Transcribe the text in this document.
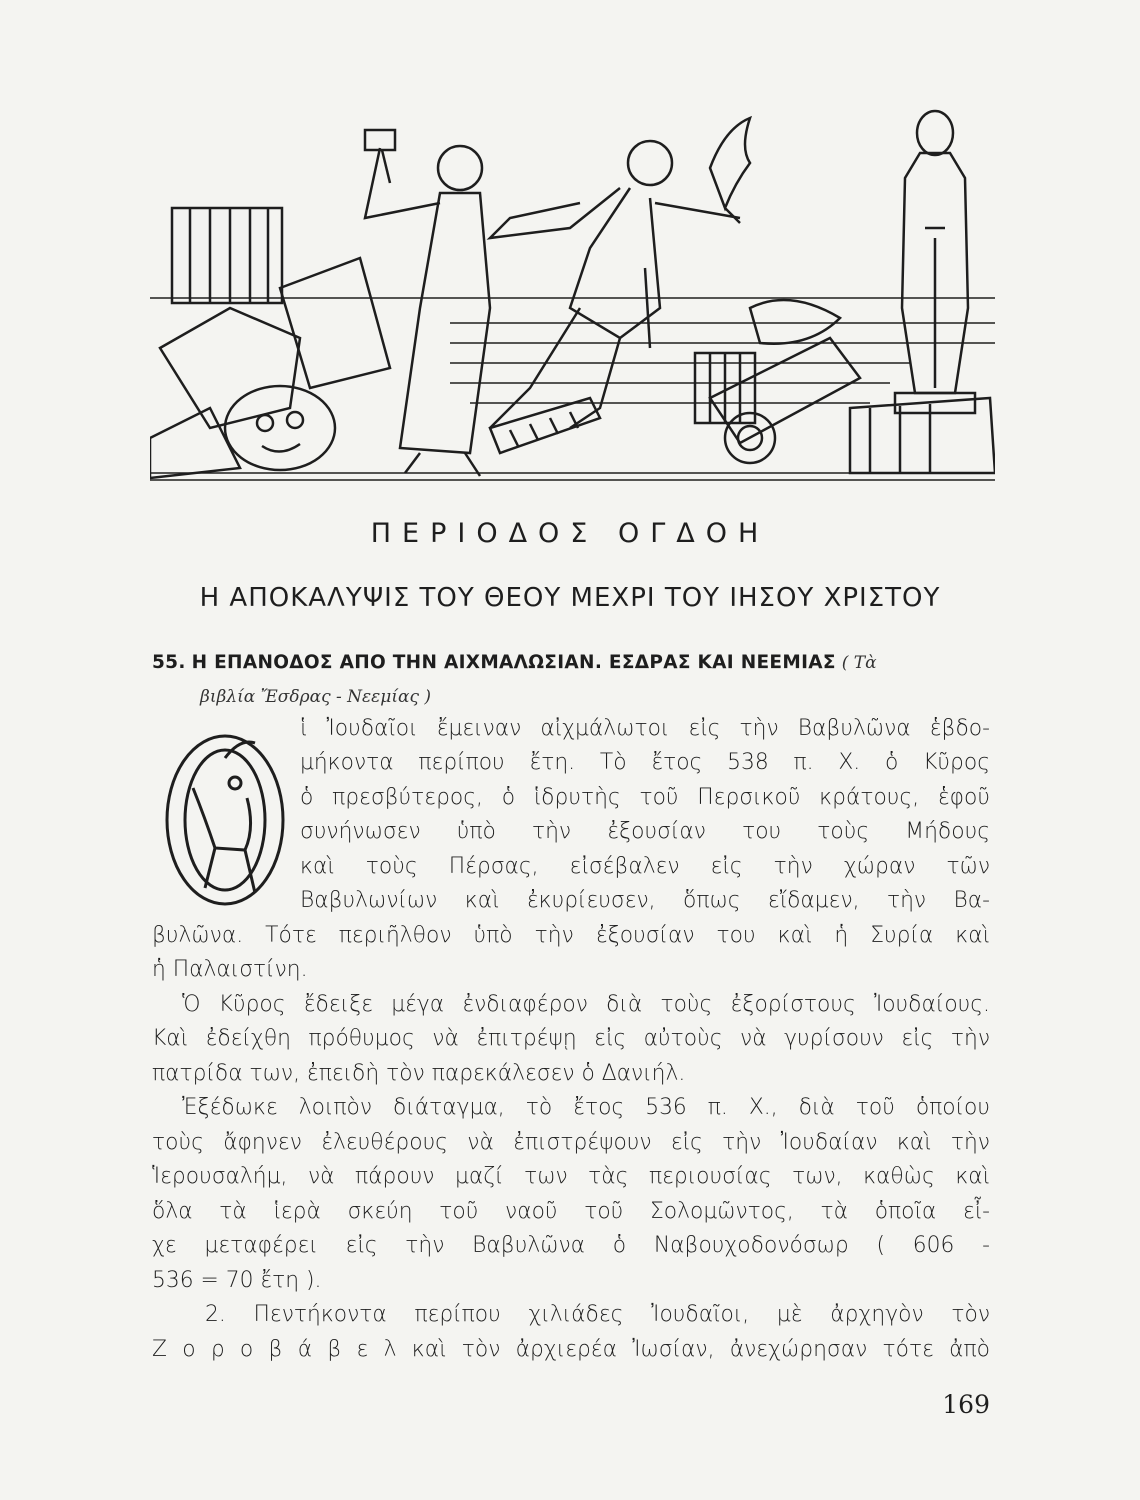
ΠΕΡΙΟΔΟΣ ΟΓΔΟΗ
Η ΑΠΟΚΑΛΥΨΙΣ ΤΟΥ ΘΕΟΥ ΜΕΧΡΙ ΤΟΥ ΙΗΣΟΥ ΧΡΙΣΤΟΥ
55. Η ΕΠΑΝΟΔΟΣ ΑΠΟ ΤΗΝ ΑΙΧΜΑΛΩΣΙΑΝ. ΕΣΔΡΑΣ ΚΑΙ ΝΕΕΜΙΑΣ ( Τὰ
βιβλία Ἔσδρας - Νεεμίας )

ἱ Ἰουδαῖοι ἔμειναν αἰχμάλωτοι εἰς τὴν Βαβυλῶνα ἑβδο-

μήκοντα περίπου ἔτη. Τὸ ἔτος 538 π. Χ. ὁ Κῦρος

ὁ πρεσβύτερος, ὁ ἱδρυτὴς τοῦ Περσικοῦ κράτους, ἑφοῦ

συνήνωσεν ὑπὸ τὴν ἐξουσίαν του τοὺς Μήδους

καὶ τοὺς Πέρσας, εἰσέβαλεν εἰς τὴν χώραν τῶν

Βαβυλωνίων καὶ ἐκυρίευσεν, ὅπως εἴδαμεν, τὴν Βα-

βυλῶνα. Τότε περιῆλθον ὑπὸ τὴν ἐξουσίαν του καὶ ἡ Συρία καὶ

ἡ Παλαιστίνη.

Ὁ Κῦρος ἔδειξε μέγα ἐνδιαφέρον διὰ τοὺς ἐξορίστους Ἰουδαίους.

Καὶ ἐδείχθη πρόθυμος νὰ ἐπιτρέψῃ εἰς αὐτοὺς νὰ γυρίσουν εἰς τὴν

πατρίδα των, ἐπειδὴ τὸν παρεκάλεσεν ὁ Δανιήλ.

Ἐξέδωκε λοιπὸν διάταγμα, τὸ ἔτος 536 π. Χ., διὰ τοῦ ὁποίου

τοὺς ἄφηνεν ἐλευθέρους νὰ ἐπιστρέψουν εἰς τὴν Ἰουδαίαν καὶ τὴν

Ἱερουσαλήμ, νὰ πάρουν μαζί των τὰς περιουσίας των, καθὼς καὶ

ὅλα τὰ ἱερὰ σκεύη τοῦ ναοῦ τοῦ Σολομῶντος, τὰ ὁποῖα εἶ-

χε μεταφέρει εἰς τὴν Βαβυλῶνα ὁ Ναβουχοδονόσωρ ( 606 -

536 = 70 ἔτη ).

2. Πεντήκοντα περίπου χιλιάδες Ἰουδαῖοι, μὲ ἀρχηγὸν τὸν

Ζ ο ρ ο β ά β ε λ καὶ τὸν ἀρχιερέα Ἰωσίαν, ἀνεχώρησαν τότε ἀπὸ

169
